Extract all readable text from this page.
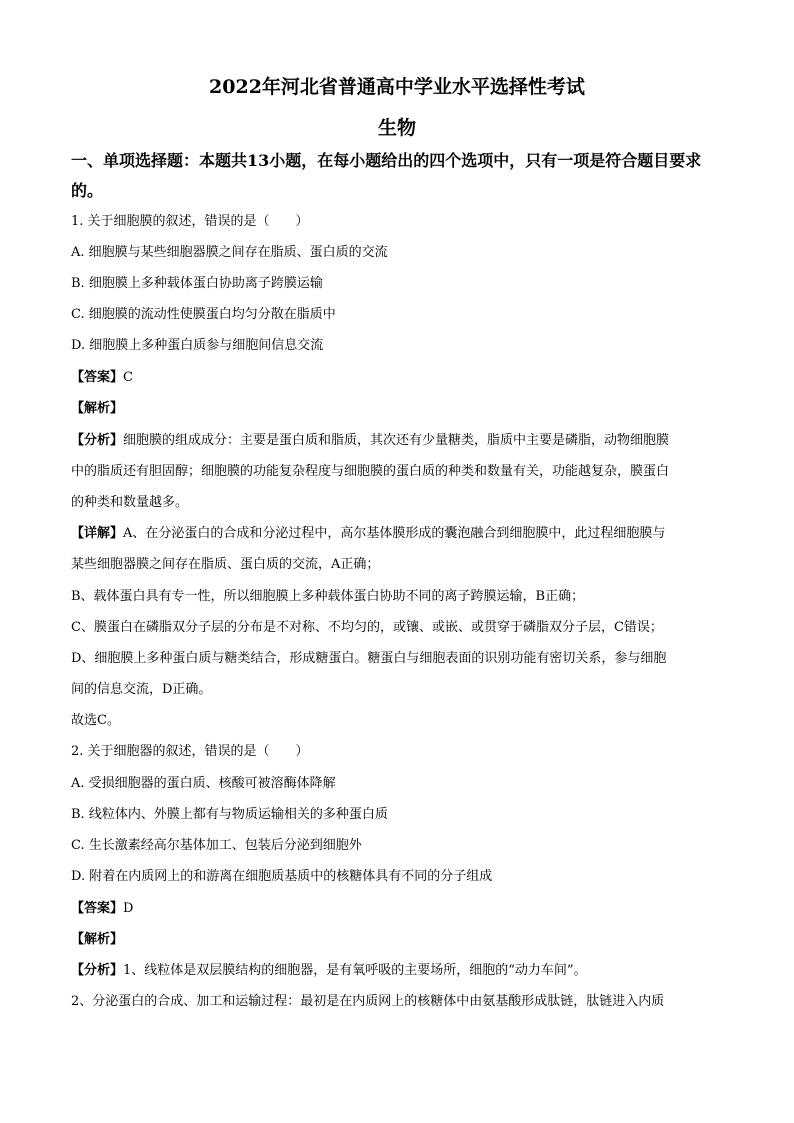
2022年河北省普通高中学业水平选择性考试
生物
一、单项选择题：本题共13小题，在每小题给出的四个选项中，只有一项是符合题目要求
的。
1. 关于细胞膜的叙述，错误的是（　　）
A. 细胞膜与某些细胞器膜之间存在脂质、蛋白质的交流
B. 细胞膜上多种载体蛋白协助离子跨膜运输
C. 细胞膜的流动性使膜蛋白均匀分散在脂质中
D. 细胞膜上多种蛋白质参与细胞间信息交流
【答案】C
【解析】
【分析】细胞膜的组成成分：主要是蛋白质和脂质，其次还有少量糖类，脂质中主要是磷脂，动物细胞膜
中的脂质还有胆固醇；细胞膜的功能复杂程度与细胞膜的蛋白质的种类和数量有关，功能越复杂，膜蛋白
的种类和数量越多。
【详解】A、在分泌蛋白的合成和分泌过程中，高尔基体膜形成的囊泡融合到细胞膜中，此过程细胞膜与
某些细胞器膜之间存在脂质、蛋白质的交流，A正确；
B、载体蛋白具有专一性，所以细胞膜上多种载体蛋白协助不同的离子跨膜运输，B正确；
C、膜蛋白在磷脂双分子层的分布是不对称、不均匀的，或镶、或嵌、或贯穿于磷脂双分子层，C错误；
D、细胞膜上多种蛋白质与糖类结合，形成糖蛋白。糖蛋白与细胞表面的识别功能有密切关系，参与细胞
间的信息交流，D正确。
故选C。
2. 关于细胞器的叙述，错误的是（　　）
A. 受损细胞器的蛋白质、核酸可被溶酶体降解
B. 线粒体内、外膜上都有与物质运输相关的多种蛋白质
C. 生长激素经高尔基体加工、包装后分泌到细胞外
D. 附着在内质网上的和游离在细胞质基质中的核糖体具有不同的分子组成
【答案】D
【解析】
【分析】1、线粒体是双层膜结构的细胞器，是有氧呼吸的主要场所，细胞的“动力车间”。
2、分泌蛋白的合成、加工和运输过程：最初是在内质网上的核糖体中由氨基酸形成肽链，肽链进入内质
